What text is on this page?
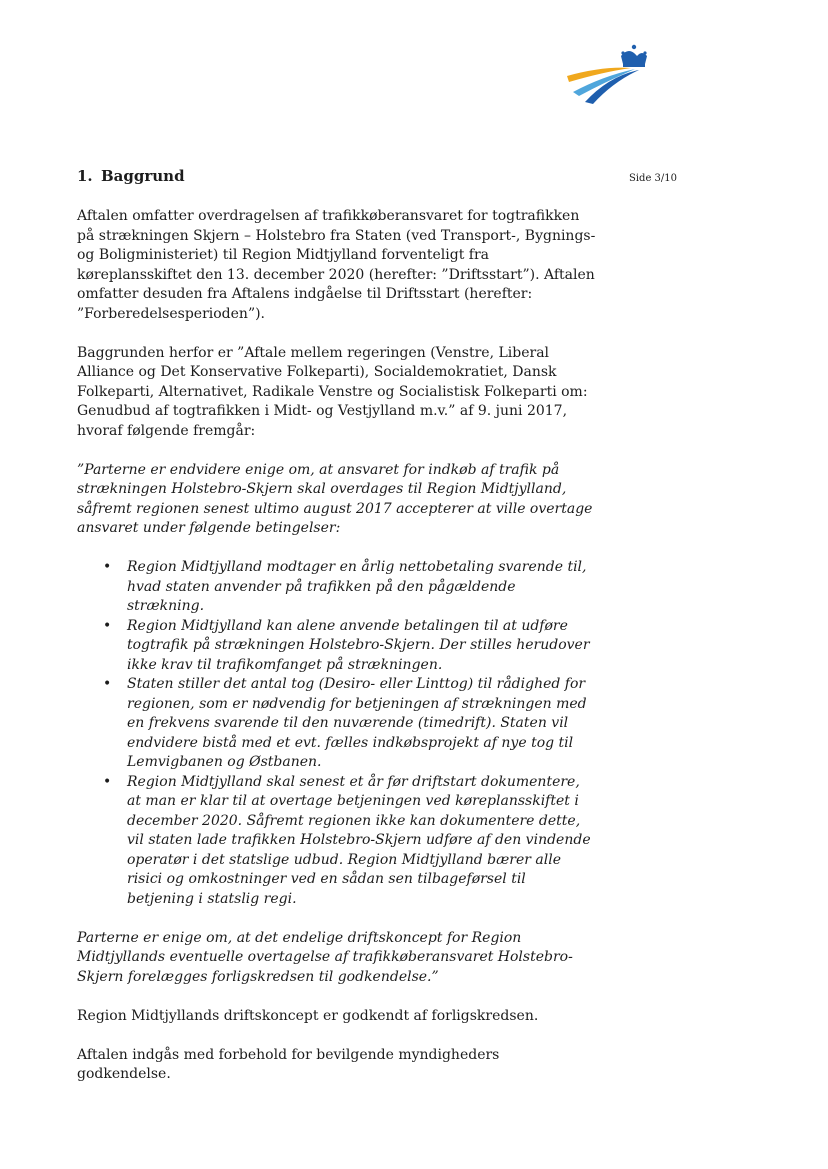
1. Baggrund	Side 3/10

Aftalen omfatter overdragelsen af trafikkøberansvaret for togtrafikken på strækningen Skjern – Holstebro fra Staten (ved Transport-, Bygnings- og Boligministeriet) til Region Midtjylland forventeligt fra køreplansskiftet den 13. december 2020 (herefter: ”Driftsstart”). Aftalen omfatter desuden fra Aftalens indgåelse til Driftsstart (herefter: ”Forberedelsesperioden”).

Baggrunden herfor er ”Aftale mellem regeringen (Venstre, Liberal Alliance og Det Konservative Folkeparti), Socialdemokratiet, Dansk Folkeparti, Alternativet, Radikale Venstre og Socialistisk Folkeparti om: Genudbud af togtrafikken i Midt- og Vestjylland m.v.” af 9. juni 2017, hvoraf følgende fremgår:

”Parterne er endvidere enige om, at ansvaret for indkøb af trafik på strækningen Holstebro-Skjern skal overdages til Region Midtjylland, såfremt regionen senest ultimo august 2017 accepterer at ville overtage ansvaret under følgende betingelser:

• Region Midtjylland modtager en årlig nettobetaling svarende til, hvad staten anvender på trafikken på den pågældende strækning.
• Region Midtjylland kan alene anvende betalingen til at udføre togtrafik på strækningen Holstebro-Skjern. Der stilles herudover ikke krav til trafikomfanget på strækningen.
• Staten stiller det antal tog (Desiro- eller Linttog) til rådighed for regionen, som er nødvendig for betjeningen af strækningen med en frekvens svarende til den nuværende (timedrift). Staten vil endvidere bistå med et evt. fælles indkøbsprojekt af nye tog til Lemvigbanen og Østbanen.
• Region Midtjylland skal senest et år før driftstart dokumentere, at man er klar til at overtage betjeningen ved køreplansskiftet i december 2020. Såfremt regionen ikke kan dokumentere dette, vil staten lade trafikken Holstebro-Skjern udføre af den vindende operatør i det statslige udbud. Region Midtjylland bærer alle risici og omkostninger ved en sådan sen tilbageførsel til betjening i statslig regi.

Parterne er enige om, at det endelige driftskoncept for Region Midtjyllands eventuelle overtagelse af trafikkøberansvaret Holstebro-Skjern forelægges forligskredsen til godkendelse.”

Region Midtjyllands driftskoncept er godkendt af forligskredsen.

Aftalen indgås med forbehold for bevilgende myndigheders godkendelse.
